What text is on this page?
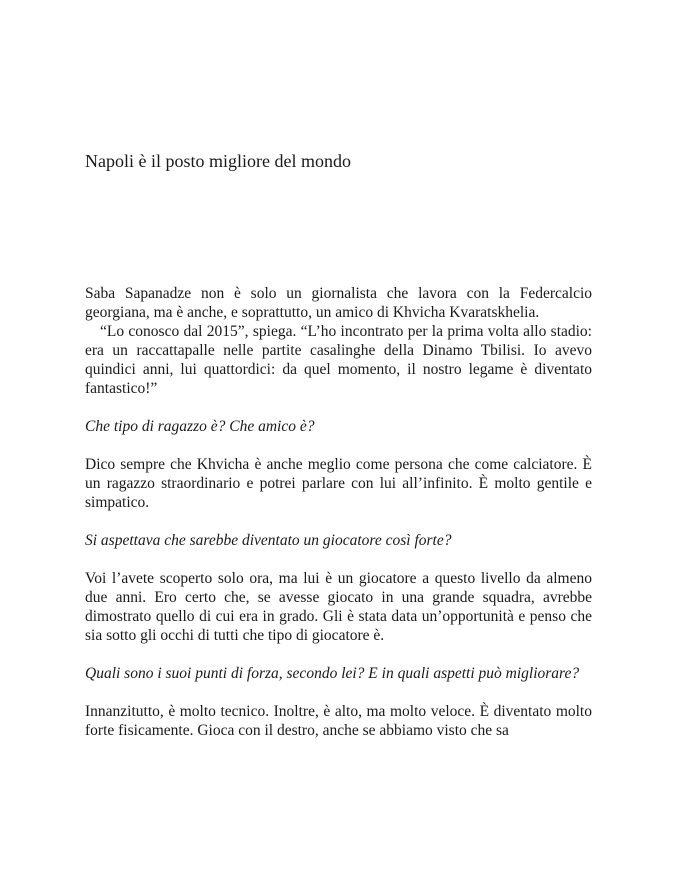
Napoli è il posto migliore del mondo

Saba Sapanadze non è solo un giornalista che lavora con la Federcalcio georgiana, ma è anche, e soprattutto, un amico di Khvicha Kvaratskhelia.

“Lo conosco dal 2015”, spiega. “L’ho incontrato per la prima volta allo stadio: era un raccattapalle nelle partite casalinghe della Dinamo Tbilisi. Io avevo quindici anni, lui quattordici: da quel momento, il nostro legame è diventato fantastico!”

Che tipo di ragazzo è? Che amico è?

Dico sempre che Khvicha è anche meglio come persona che come calciatore. È un ragazzo straordinario e potrei parlare con lui all’infinito. È molto gentile e simpatico.

Si aspettava che sarebbe diventato un giocatore così forte?

Voi l’avete scoperto solo ora, ma lui è un giocatore a questo livello da almeno due anni. Ero certo che, se avesse giocato in una grande squadra, avrebbe dimostrato quello di cui era in grado. Gli è stata data un’opportunità e penso che sia sotto gli occhi di tutti che tipo di giocatore è.

Quali sono i suoi punti di forza, secondo lei? E in quali aspetti può migliorare?

Innanzitutto, è molto tecnico. Inoltre, è alto, ma molto veloce. È diventato molto forte fisicamente. Gioca con il destro, anche se abbiamo visto che sa
